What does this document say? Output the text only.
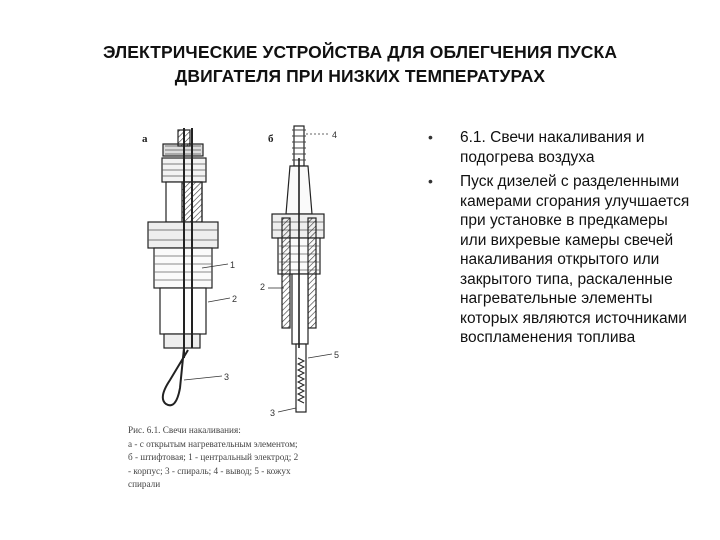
ЭЛЕКТРИЧЕСКИЕ УСТРОЙСТВА ДЛЯ ОБЛЕГЧЕНИЯ ПУСКА
ДВИГАТЕЛЯ ПРИ НИЗКИХ ТЕМПЕРАТУРАХ
а	б
1
2
3
4
2
5
3
Рис. 6.1. Свечи накаливания:
а - с открытым нагревательным элементом;
б - штифтовая; 1 - центральный электрод; 2
- корпус; 3 - спираль; 4 - вывод; 5 - кожух
спирали
• 6.1. Свечи накаливания и подогрева воздуха
• Пуск дизелей с разделенными камерами сгорания улучшается при установке в предкамеры или вихревые камеры свечей накаливания открытого или закрытого типа, раскаленные нагревательные элементы которых являются источниками воспламенения топлива
